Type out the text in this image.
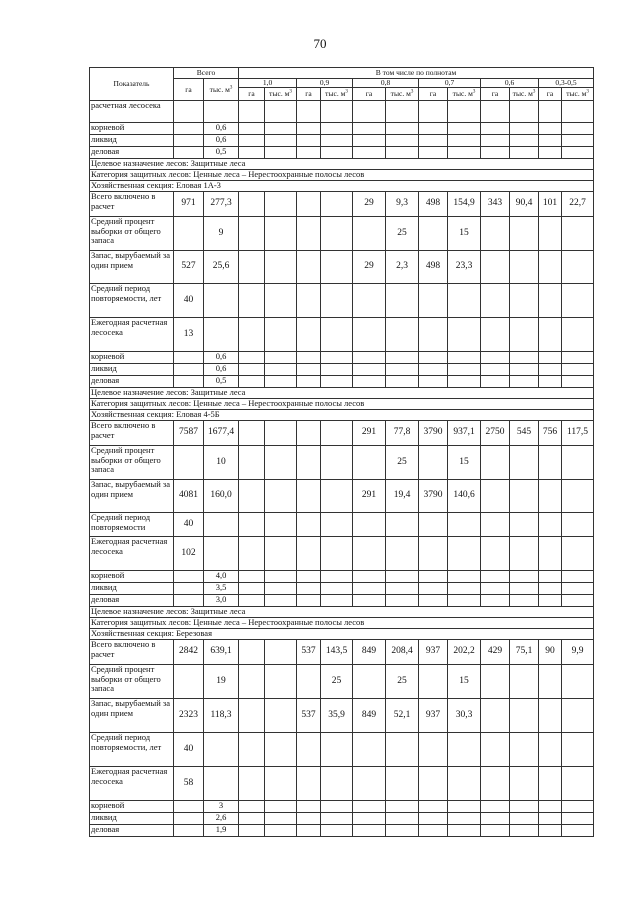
70
Показатель	Всего		В том числе по полнотам											
	га	тыс. $м^3$	1,0		0,9		0,8		0,7		0,6		0,3-0,5	
			га	тыс. $м^3$	га	тыс. $м^3$	га	тыс. $м^3$	га	тыс. $м^3$	га	тыс. $м^3$	га	тыс. $м^3$
расчетная лесосека														
корневой		0,6												
ликвид		0,6												
деловая		0,5												
Целевое назначение лесов: Защитные леса														
Категория защитных лесов: Ценные леса – Нерестоохранные полосы лесов														
Хозяйственная секция: Еловая 1А-3														
Всего включено в расчет	971	277,3					29	9,3	498	154,9	343	90,4	101	22,7
Средний процент выборки от общего запаса		9						25		15				
Запас, вырубаемый за один прием	527	25,6					29	2,3	498	23,3				
Средний период повторяемости, лет	40													
Ежегодная расчетная лесосека	13													
корневой		0,6												
ликвид		0,6												
деловая		0,5												
Целевое назначение лесов: Защитные леса														
Категория защитных лесов: Ценные леса – Нерестоохранные полосы лесов														
Хозяйственная секция: Еловая 4-5Б														
Всего включено в расчет	7587	1677,4					291	77,8	3790	937,1	2750	545	756	117,5
Средний процент выборки от общего запаса		10						25		15				
Запас, вырубаемый за один прием	4081	160,0					291	19,4	3790	140,6				
Средний период повторяемости	40													
Ежегодная расчетная лесосека	102													
корневой		4,0												
ликвид		3,5												
деловая		3,0												
Целевое назначение лесов: Защитные леса														
Категория защитных лесов: Ценные леса – Нерестоохранные полосы лесов														
Хозяйственная секция: Березовая														
Всего включено в расчет	2842	639,1			537	143,5	849	208,4	937	202,2	429	75,1	90	9,9
Средний процент выборки от общего запаса		19				25		25		15				
Запас, вырубаемый за один прием	2323	118,3			537	35,9	849	52,1	937	30,3				
Средний период повторяемости, лет	40													
Ежегодная расчетная лесосека	58													
корневой		3												
ликвид		2,6												
деловая		1,9												
